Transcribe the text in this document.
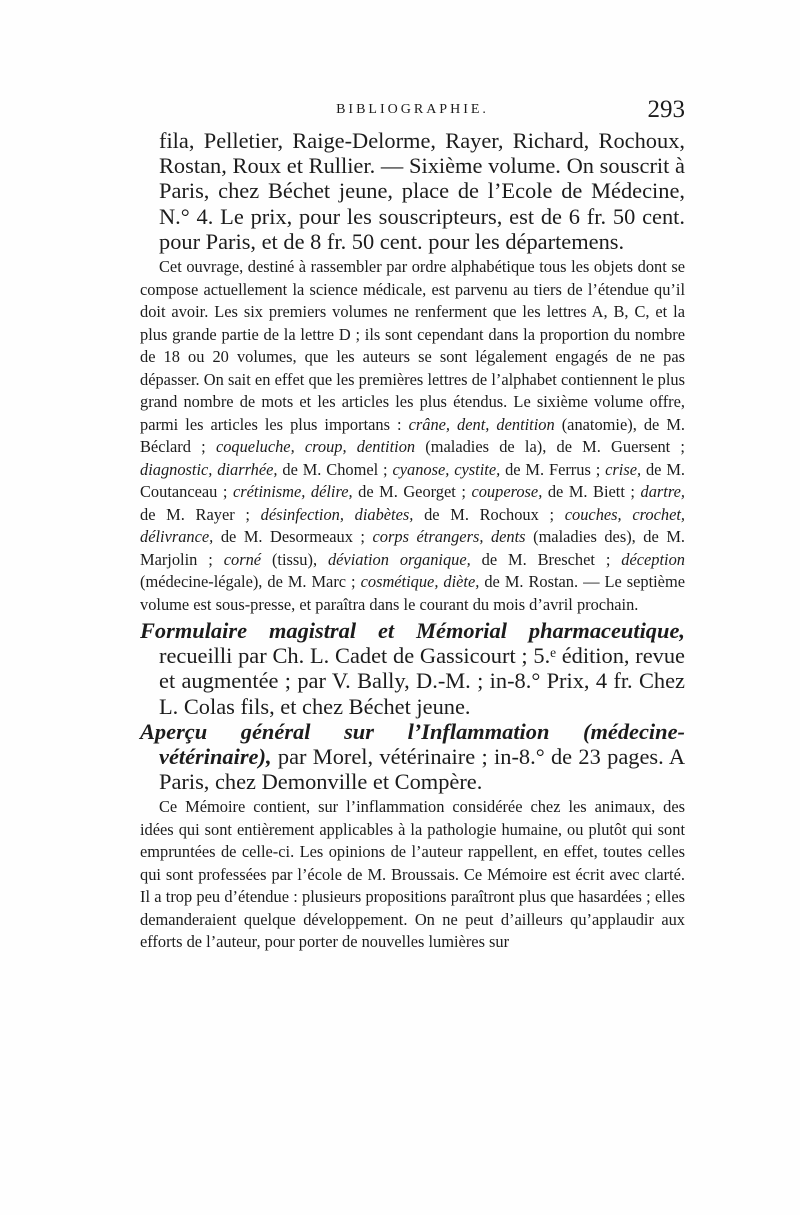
BIBLIOGRAPHIE.	293

fila, Pelletier, Raige-Delorme, Rayer, Richard, Rochoux, Rostan, Roux et Rullier. — Sixième volume. On souscrit à Paris, chez Béchet jeune, place de l’Ecole de Médecine, N.° 4. Le prix, pour les souscripteurs, est de 6 fr. 50 cent. pour Paris, et de 8 fr. 50 cent. pour les départemens.

Cet ouvrage, destiné à rassembler par ordre alphabétique tous les objets dont se compose actuellement la science médicale, est parvenu au tiers de l’étendue qu’il doit avoir. Les six premiers volumes ne renferment que les lettres A, B, C, et la plus grande partie de la lettre D ; ils sont cependant dans la proportion du nombre de 18 ou 20 volumes, que les auteurs se sont légalement engagés de ne pas dépasser. On sait en effet que les premières lettres de l’alphabet contiennent le plus grand nombre de mots et les articles les plus étendus. Le sixième volume offre, parmi les articles les plus importans : crâne, dent, dentition (anatomie), de M. Béclard ; coqueluche, croup, dentition (maladies de la), de M. Guersent ; diagnostic, diarrhée, de M. Chomel ; cyanose, cystite, de M. Ferrus ; crise, de M. Coutanceau ; crétinisme, délire, de M. Georget ; couperose, de M. Biett ; dartre, de M. Rayer ; désinfection, diabètes, de M. Rochoux ; couches, crochet, délivrance, de M. Desormeaux ; corps étrangers, dents (maladies des), de M. Marjolin ; corné (tissu), déviation organique, de M. Breschet ; déception (médecine-légale), de M. Marc ; cosmétique, diète, de M. Rostan. — Le septième volume est sous-presse, et paraîtra dans le courant du mois d’avril prochain.

Formulaire magistral et Mémorial pharmaceutique, recueilli par Ch. L. Cadet de Gassicourt ; 5.ᵉ édition, revue et augmentée ; par V. Bally, D.-M. ; in-8.° Prix, 4 fr. Chez L. Colas fils, et chez Béchet jeune.

Aperçu général sur l’Inflammation (médecine-vétérinaire), par Morel, vétérinaire ; in-8.° de 23 pages. A Paris, chez Demonville et Compère.

Ce Mémoire contient, sur l’inflammation considérée chez les animaux, des idées qui sont entièrement applicables à la pathologie humaine, ou plutôt qui sont empruntées de celle-ci. Les opinions de l’auteur rappellent, en effet, toutes celles qui sont professées par l’école de M. Broussais. Ce Mémoire est écrit avec clarté. Il a trop peu d’étendue : plusieurs propositions paraîtront plus que hasardées ; elles demanderaient quelque développement. On ne peut d’ailleurs qu’applaudir aux efforts de l’auteur, pour porter de nouvelles lumières sur
